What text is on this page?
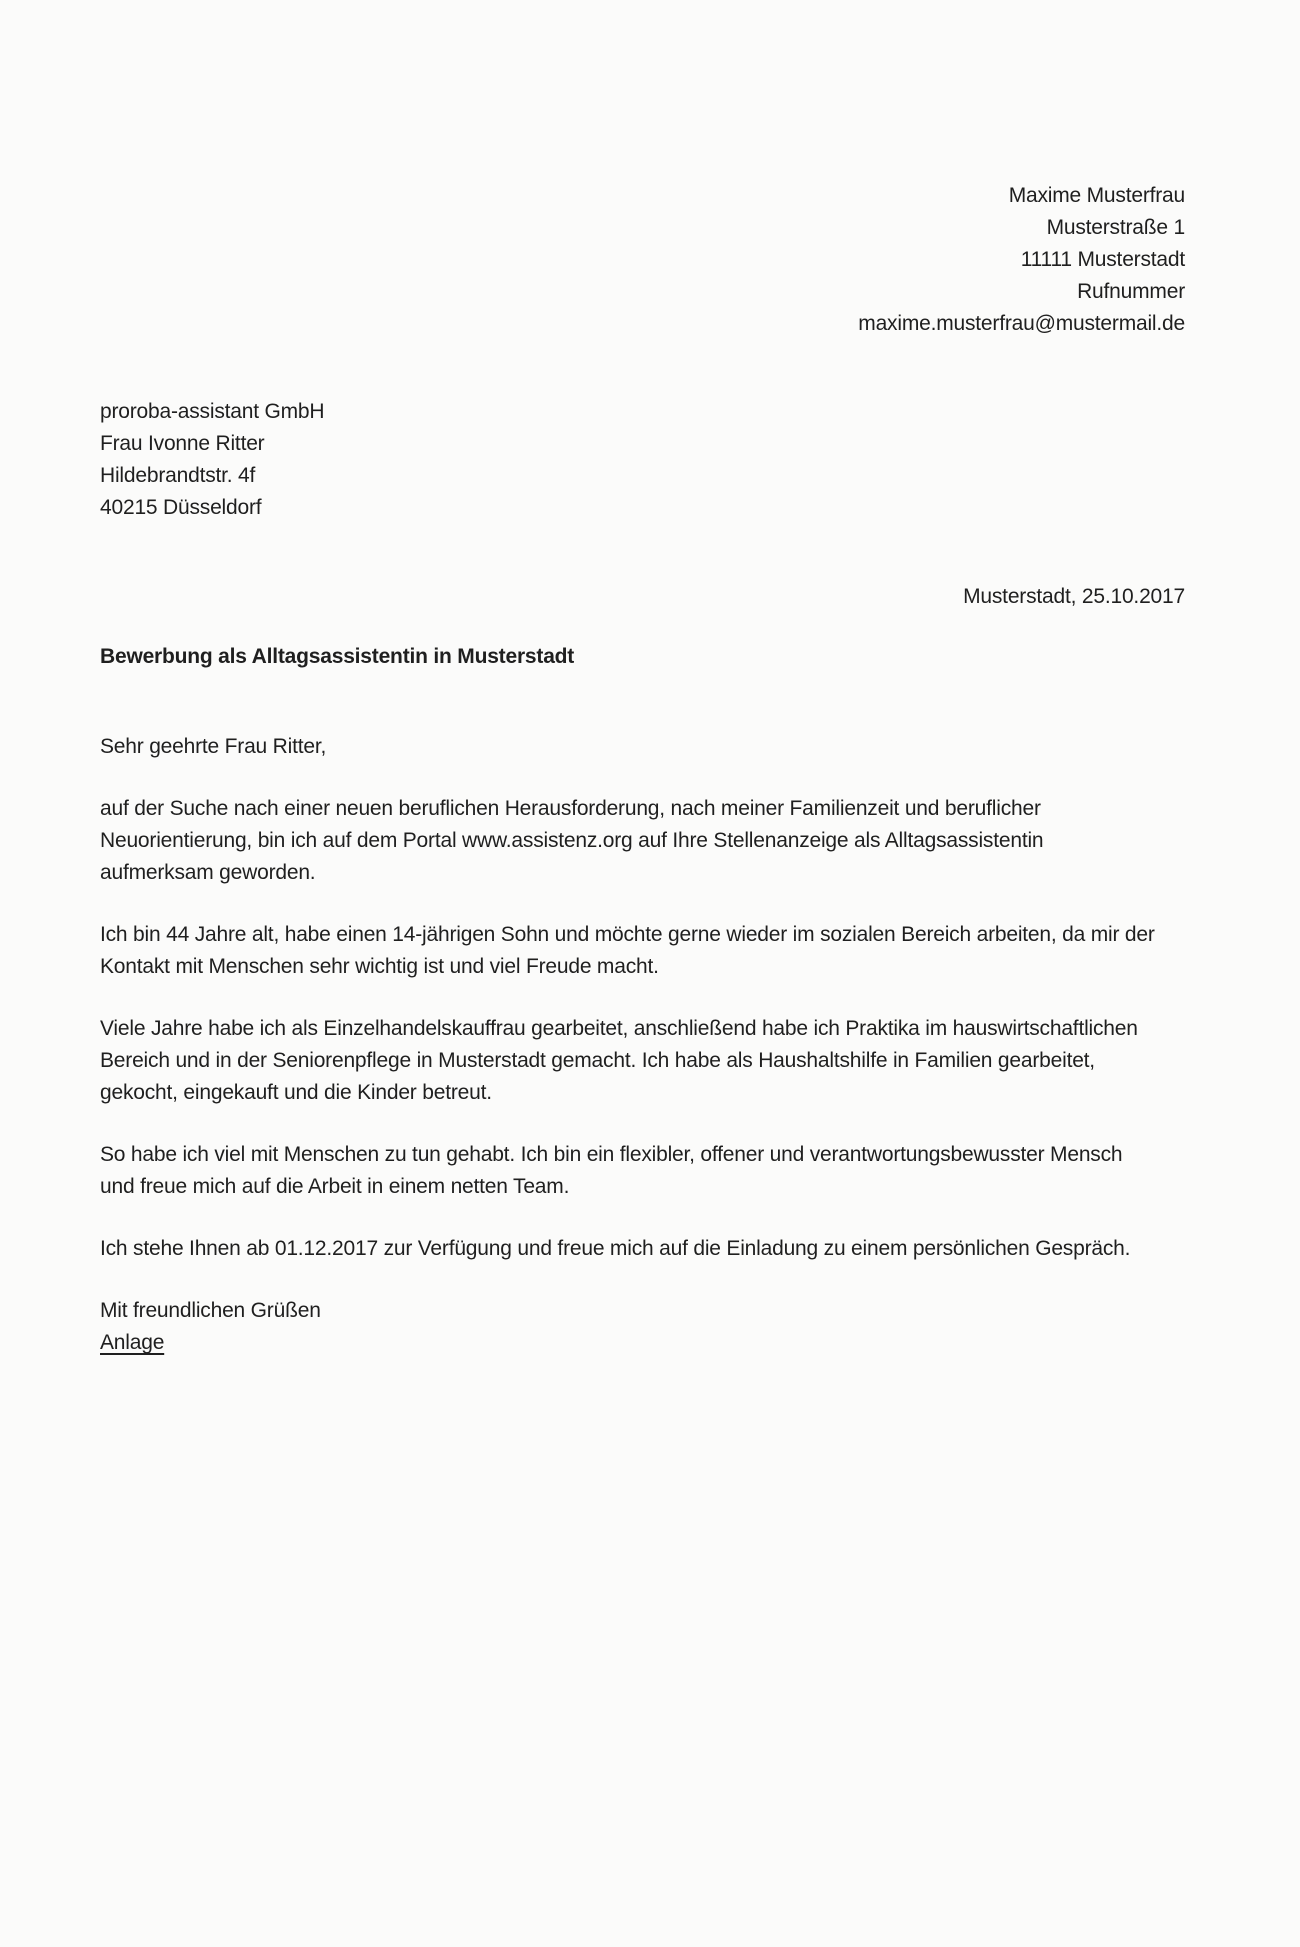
Maxime Musterfrau
Musterstraße 1
11111 Musterstadt
Rufnummer
maxime.musterfrau@mustermail.de
proroba-assistant GmbH
Frau Ivonne Ritter
Hildebrandtstr. 4f
40215 Düsseldorf
Musterstadt, 25.10.2017
Bewerbung als Alltagsassistentin in Musterstadt

Sehr geehrte Frau Ritter,

auf der Suche nach einer neuen beruflichen Herausforderung, nach meiner Familienzeit und beruflicher Neuorientierung, bin ich auf dem Portal www.assistenz.org auf Ihre Stellenanzeige als Alltagsassistentin aufmerksam geworden.

Ich bin 44 Jahre alt, habe einen 14-jährigen Sohn und möchte gerne wieder im sozialen Bereich arbeiten, da mir der Kontakt mit Menschen sehr wichtig ist und viel Freude macht.

Viele Jahre habe ich als Einzelhandelskauffrau gearbeitet, anschließend habe ich Praktika im hauswirtschaftlichen Bereich und in der Seniorenpflege in Musterstadt gemacht. Ich habe als Haushaltshilfe in Familien gearbeitet, gekocht, eingekauft und die Kinder betreut.

So habe ich viel mit Menschen zu tun gehabt. Ich bin ein flexibler, offener und verantwortungsbewusster Mensch und freue mich auf die Arbeit in einem netten Team.

Ich stehe Ihnen ab 01.12.2017 zur Verfügung und freue mich auf die Einladung zu einem persönlichen Gespräch.

Mit freundlichen Grüßen

Anlage
